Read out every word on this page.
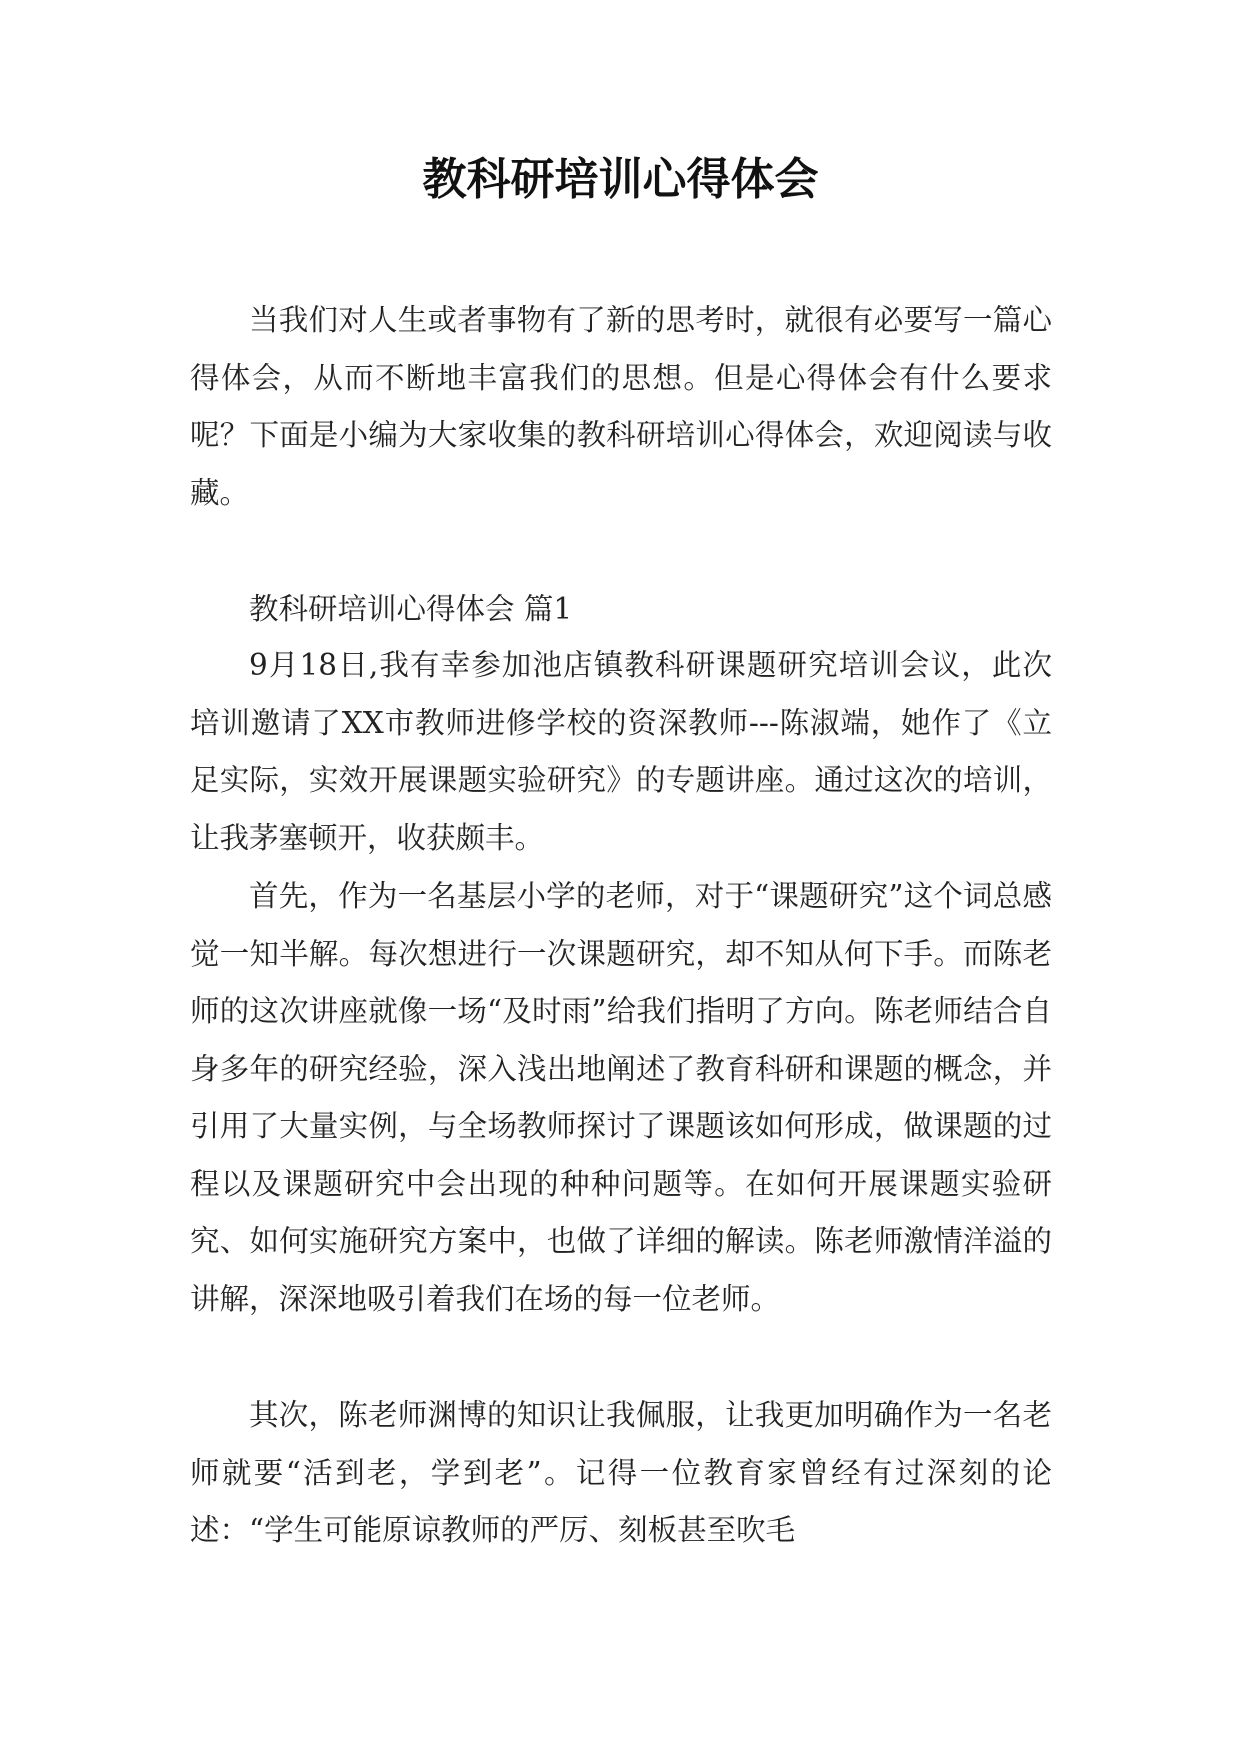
教科研培训心得体会

当我们对人生或者事物有了新的思考时，就很有必要写一篇心得体会，从而不断地丰富我们的思想。但是心得体会有什么要求呢？下面是小编为大家收集的教科研培训心得体会，欢迎阅读与收藏。

教科研培训心得体会 篇1

9月18日,我有幸参加池店镇教科研课题研究培训会议，此次培训邀请了XX市教师进修学校的资深教师---陈淑端，她作了《立足实际，实效开展课题实验研究》的专题讲座。通过这次的培训，让我茅塞顿开，收获颇丰。

首先，作为一名基层小学的老师，对于“课题研究”这个词总感觉一知半解。每次想进行一次课题研究，却不知从何下手。而陈老师的这次讲座就像一场“及时雨”给我们指明了方向。陈老师结合自身多年的研究经验，深入浅出地阐述了教育科研和课题的概念，并引用了大量实例，与全场教师探讨了课题该如何形成，做课题的过程以及课题研究中会出现的种种问题等。在如何开展课题实验研究、如何实施研究方案中，也做了详细的解读。陈老师激情洋溢的讲解，深深地吸引着我们在场的每一位老师。

其次，陈老师渊博的知识让我佩服，让我更加明确作为一名老师就要“活到老，学到老”。记得一位教育家曾经有过深刻的论述：“学生可能原谅教师的严厉、刻板甚至吹毛
